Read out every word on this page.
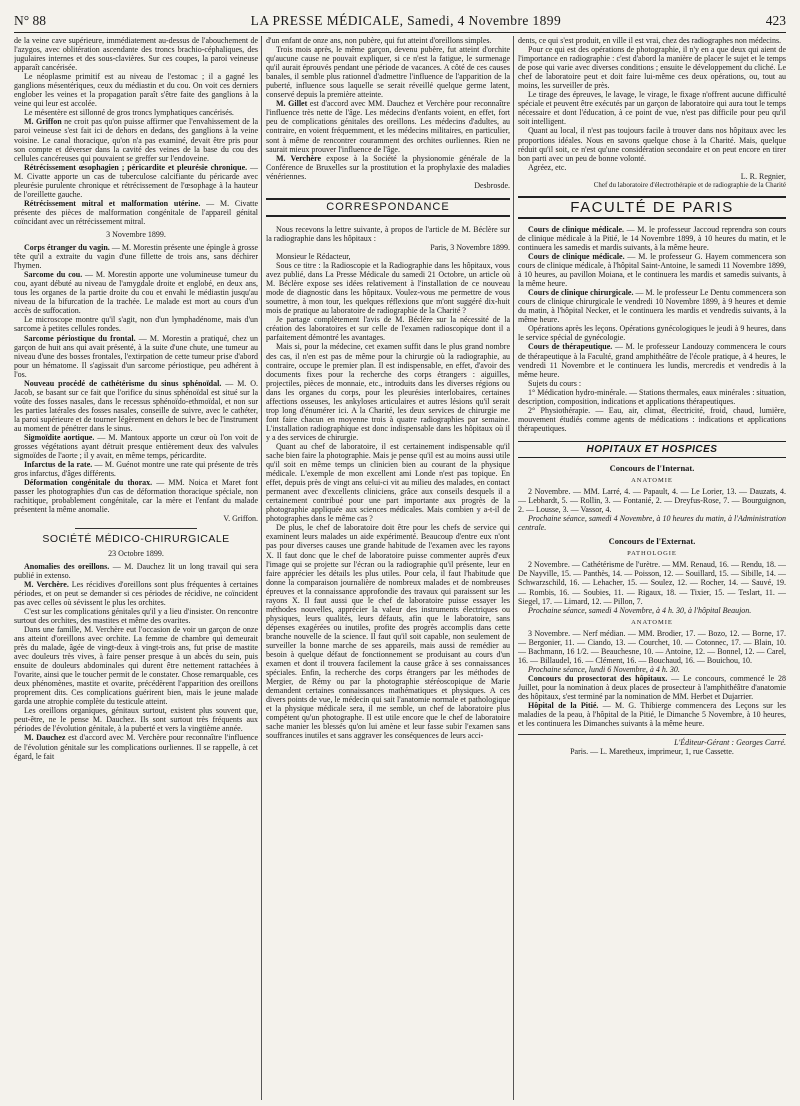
N° 88	LA PRESSE MÉDICALE, Samedi, 4 Novembre 1899	423

de la veine cave supérieure, immédiatement au-dessus de l'abouchement de l'azygos, avec oblitération ascendante des troncs brachio-céphaliques, des jugulaires internes et des sous-clavières. Sur ces coupes, la paroi veineuse apparaît cancérisée.

Le néoplasme primitif est au niveau de l'estomac ; il a gagné les ganglions mésentériques, ceux du médiastin et du cou. On voit ces derniers englober les veines et la propagation paraît s'être faite des ganglions à la veine qui leur est accolée.

Le mésentère est sillonné de gros troncs lymphatiques cancérisés.

M. Griffon ne croit pas qu'on puisse affirmer que l'envahissement de la paroi veineuse s'est fait ici de dehors en dedans, des ganglions à la veine voisine. Le canal thoracique, qu'on n'a pas examiné, devait être pris pour son compte et déverser dans la cavité des veines de la base du cou des cellules cancéreuses qui pouvaient se greffer sur l'endoveine.

Rétrécissement œsophagien ; péricardite et pleurésie chronique. — M. Civatte apporte un cas de tuberculose calcifiante du péricarde avec pleurésie purulente chronique et rétrécissement de l'œsophage à la hauteur de l'oreillette gauche.

Rétrécissement mitral et malformation utérine. — M. Civatte présente des pièces de malformation congénitale de l'appareil génital coïncidant avec un rétrécissement mitral.

3 Novembre 1899.

Corps étranger du vagin. — M. Morestin présente une épingle à grosse tête qu'il a extraite du vagin d'une fillette de trois ans, sans déchirer l'hymen.

Sarcome du cou. — M. Morestin apporte une volumineuse tumeur du cou, ayant débuté au niveau de l'amygdale droite et englobé, en deux ans, tous les organes de la partie droite du cou et envahi le médiastin jusqu'au niveau de la bifurcation de la trachée. Le malade est mort au cours d'un accès de suffocation.

Le microscope montre qu'il s'agit, non d'un lymphadénome, mais d'un sarcome à petites cellules rondes.

Sarcome périostique du frontal. — M. Morestin a pratiqué, chez un garçon de huit ans qui avait présenté, à la suite d'une chute, une tumeur au niveau d'une des bosses frontales, l'extirpation de cette tumeur prise d'abord pour un hématome. Il s'agissait d'un sarcome périostique, peu adhérent à l'os.

Nouveau procédé de cathétérisme du sinus sphénoïdal. — M. O. Jacob, se basant sur ce fait que l'orifice du sinus sphénoïdal est situé sur la voûte des fosses nasales, dans le recessus sphénoïdo-ethmoïdal, et non sur les parties latérales des fosses nasales, conseille de suivre, avec le cathéter, la paroi supérieure et de tourner légèrement en dehors le bec de l'instrument au moment de pénétrer dans le sinus.

Sigmoïdite aortique. — M. Mantoux apporte un cœur où l'on voit de grosses végétations ayant détruit presque entièrement deux des valvules sigmoïdes de l'aorte ; il y avait, en même temps, péricardite.

Infarctus de la rate. — M. Guénot montre une rate qui présente de très gros infarctus, d'âges différents.

Déformation congénitale du thorax. — MM. Noica et Maret font passer les photographies d'un cas de déformation thoracique spéciale, non rachitique, probablement congénitale, car la mère et l'enfant du malade présentent la même anomalie.

V. Griffon.

SOCIÉTÉ MÉDICO-CHIRURGICALE

23 Octobre 1899.

Anomalies des oreillons. — M. Dauchez lit un long travail qui sera publié in extenso.

M. Verchère. Les récidives d'oreillons sont plus fréquentes à certaines périodes, et on peut se demander si ces périodes de récidive, ne coïncident pas avec celles où sévissent le plus les orchites.

C'est sur les complications génitales qu'il y a lieu d'insister. On rencontre surtout des orchites, des mastites et même des ovarites.

Dans une famille, M. Verchère eut l'occasion de voir un garçon de onze ans atteint d'oreillons avec orchite. La femme de chambre qui demeurait près du malade, âgée de vingt-deux à vingt-trois ans, fut prise de mastite avec douleurs très vives, à faire penser presque à un abcès du sein, puis ensuite de douleurs abdominales qui durent être nettement rattachées à l'ovarite, ainsi que le toucher permit de le constater. Chose remarquable, ces deux phénomènes, mastite et ovarite, précédèrent l'apparition des oreillons proprement dits. Ces complications guérirent bien, mais le jeune malade garda une atrophie complète du testicule atteint.

Les oreillons organiques, génitaux surtout, existent plus souvent que, peut-être, ne le pense M. Dauchez. Ils sont surtout très fréquents aux périodes de l'évolution génitale, à la puberté et vers la vingtième année.

M. Dauchez est d'accord avec M. Verchère pour reconnaître l'influence de l'évolution génitale sur les complications ourliennes. Il se rappelle, à cet égard, le fait

d'un enfant de onze ans, non pubère, qui fut atteint d'oreillons simples.

Trois mois après, le même garçon, devenu pubère, fut atteint d'orchite qu'aucune cause ne pouvait expliquer, si ce n'est la fatigue, le surmenage qu'il aurait éprouvés pendant une période de vacances. A côté de ces causes banales, il semble plus rationnel d'admettre l'influence de l'apparition de la puberté, influence sous laquelle se serait réveillé quelque germe latent, conservé depuis la première atteinte.

M. Gillet est d'accord avec MM. Dauchez et Verchère pour reconnaître l'influence très nette de l'âge. Les médecins d'enfants voient, en effet, fort peu de complications génitales des oreillons. Les médecins d'adultes, au contraire, en voient fréquemment, et les médecins militaires, en particulier, sont à même de rencontrer couramment des orchites ourliennes. Rien ne saurait mieux prouver l'influence de l'âge.

M. Verchère expose à la Société la physionomie générale de la Conférence de Bruxelles sur la prostitution et la prophylaxie des maladies vénériennes.

Desbrosde.

CORRESPONDANCE

Nous recevons la lettre suivante, à propos de l'article de M. Béclère sur la radiographie dans les hôpitaux :

Paris, 3 Novembre 1899.

Monsieur le Rédacteur,

Sous ce titre : la Radioscopie et la Radiographie dans les hôpitaux, vous avez publié, dans La Presse Médicale du samedi 21 Octobre, un article où M. Béclère expose ses idées relativement à l'installation de ce nouveau mode de diagnostic dans les hôpitaux. Voulez-vous me permettre de vous soumettre, à mon tour, les quelques réflexions que m'ont suggéré dix-huit mois de pratique au laboratoire de radiographie de la Charité ?

Je partage complètement l'avis de M. Béclère sur la nécessité de la création des laboratoires et sur celle de l'examen radioscopique dont il a parfaitement démontré les avantages.

Mais si, pour la médecine, cet examen suffit dans le plus grand nombre des cas, il n'en est pas de même pour la chirurgie où la radiographie, au contraire, occupe le premier plan. Il est indispensable, en effet, d'avoir des documents fixes pour la recherche des corps étrangers : aiguilles, projectiles, pièces de monnaie, etc., introduits dans les diverses régions ou dans les organes du corps, pour les pleurésies interlobaires, certaines affections osseuses, les ankyloses articulaires et autres lésions qu'il serait trop long d'énumérer ici. A la Charité, les deux services de chirurgie me font faire chacun en moyenne trois à quatre radiographies par semaine. L'installation radiographique est donc indispensable dans les hôpitaux où il y a des services de chirurgie.

Quant au chef de laboratoire, il est certainement indispensable qu'il sache bien faire la photographie. Mais je pense qu'il est au moins aussi utile qu'il soit en même temps un clinicien bien au courant de la physique médicale. L'exemple de mon excellent ami Londe n'est pas topique. En effet, depuis près de vingt ans celui-ci vit au milieu des malades, en contact permanent avec d'excellents cliniciens, grâce aux conseils desquels il a certainement contribué pour une part importante aux progrès de la photographie appliquée aux sciences médicales. Mais combien y a-t-il de photographes dans le même cas ?

De plus, le chef de laboratoire doit être pour les chefs de service qui examinent leurs malades un aide expérimenté. Beaucoup d'entre eux n'ont pas pour diverses causes une grande habitude de l'examen avec les rayons X. Il faut donc que le chef de laboratoire puisse commenter auprès d'eux l'image qui se projette sur l'écran ou la radiographie qu'il présente, leur en faire apprécier les détails les plus utiles. Pour cela, il faut l'habitude que donne la comparaison journalière de nombreux malades et de nombreuses épreuves et la connaissance approfondie des travaux qui paraissent sur les rayons X. Il faut aussi que le chef de laboratoire puisse essayer les méthodes nouvelles, apprécier la valeur des instruments électriques ou physiques, leurs qualités, leurs défauts, afin que le laboratoire, sans dépenses exagérées ou inutiles, profite des progrès accomplis dans cette branche nouvelle de la science. Il faut qu'il soit capable, non seulement de surveiller la bonne marche de ses appareils, mais aussi de remédier au besoin à quelque défaut de fonctionnement se produisant au cours d'un examen et dont il trouvera facilement la cause grâce à ses connaissances spéciales. Enfin, la recherche des corps étrangers par les méthodes de Mergier, de Rémy ou par la photographie stéréoscopique de Marie demandent certaines connaissances mathématiques et physiques. A ces divers points de vue, le médecin qui sait l'anatomie normale et pathologique et la physique médicale sera, il me semble, un chef de laboratoire plus compétent qu'un photographe. Il est utile encore que le chef de laboratoire sache manier les blessés qu'on lui amène et leur fasse subir l'examen sans souffrances inutiles et sans aggraver les conséquences de leurs acci-

dents, ce qui s'est produit, en ville il est vrai, chez des radiographes non médecins.

Pour ce qui est des opérations de photographie, il n'y en a que deux qui aient de l'importance en radiographie : c'est d'abord la manière de placer le sujet et le temps de pose qui varie avec diverses conditions ; ensuite le développement du cliché. Le chef de laboratoire peut et doit faire lui-même ces deux opérations, ou, tout au moins, les surveiller de près.

Le tirage des épreuves, le lavage, le virage, le fixage n'offrent aucune difficulté spéciale et peuvent être exécutés par un garçon de laboratoire qui aura tout le temps nécessaire et dont l'éducation, à ce point de vue, n'est pas difficile pour peu qu'il soit intelligent.

Quant au local, il n'est pas toujours facile à trouver dans nos hôpitaux avec les proportions idéales. Nous en savons quelque chose à la Charité. Mais, quelque réduit qu'il soit, ce n'est qu'une considération secondaire et on peut encore en tirer bon parti avec un peu de bonne volonté.

Agréez, etc.

L. R. Regnier,

Chef du laboratoire d'électrothérapie et de radiographie de la Charité

FACULTÉ DE PARIS

Cours de clinique médicale. — M. le professeur Jaccoud reprendra son cours de clinique médicale à la Pitié, le 14 Novembre 1899, à 10 heures du matin, et le continuera les samedis et mardis suivants, à la même heure.

Cours de clinique médicale. — M. le professeur G. Hayem commencera son cours de clinique médicale, à l'hôpital Saint-Antoine, le samedi 11 Novembre 1899, à 10 heures, au pavillon Moiana, et le continuera les mardis et samedis suivants, à la même heure.

Cours de clinique chirurgicale. — M. le professeur Le Dentu commencera son cours de clinique chirurgicale le vendredi 10 Novembre 1899, à 9 heures et demie du matin, à l'hôpital Necker, et le continuera les mardis et vendredis suivants, à la même heure.

Opérations après les leçons. Opérations gynécologiques le jeudi à 9 heures, dans le service spécial de gynécologie.

Cours de thérapeutique. — M. le professeur Landouzy commencera le cours de thérapeutique à la Faculté, grand amphithéâtre de l'école pratique, à 4 heures, le vendredi 11 Novembre et le continuera les lundis, mercredis et vendredis à la même heure.

Sujets du cours :

1° Médication hydro-minérale. — Stations thermales, eaux minérales : situation, description, composition, indications et applications thérapeutiques.

2° Physiothérapie. — Eau, air, climat, électricité, froid, chaud, lumière, mouvement étudiés comme agents de médications : indications et applications thérapeutiques.

HOPITAUX ET HOSPICES
Concours de l'Internat.
ANATOMIE

2 Novembre. — MM. Larré, 4. — Papault, 4. — Le Lorier, 13. — Dauzats, 4. — Lebhardt, 5. — Rollin, 3. — Fontanié, 2. — Dreyfus-Rose, 7. — Bourguignon, 2. — Lousse, 3. — Vassor, 4.

Prochaine séance, samedi 4 Novembre, à 10 heures du matin, à l'Administration centrale.

Concours de l'Externat.
PATHOLOGIE

2 Novembre. — Cathétérisme de l'urètre. — MM. Renaud, 16. — Rendu, 18. — De Nayville, 15. — Panthès, 14. — Poisson, 12. — Souillard, 15. — Sibille, 14. — Schwarzschild, 16. — Lehacher, 15. — Soulez, 12. — Rocher, 14. — Sauvé, 19. — Rombis, 16. — Soubies, 11. — Rigaux, 18. — Tixier, 15. — Teslart, 11. — Siegel, 17. — Limard, 12. — Pillon, 7.

Prochaine séance, samedi 4 Novembre, à 4 h. 30, à l'hôpital Beaujon.

ANATOMIE

3 Novembre. — Nerf médian. — MM. Brodier, 17. — Bozo, 12. — Borne, 17. — Bergonier, 11. — Ciando, 13. — Courchet, 10. — Cotonnec, 17. — Blain, 10. — Bachmann, 16 1/2. — Beauchesne, 10. — Antoine, 12. — Bonnel, 12. — Carel, 16. — Billaudel, 16. — Clément, 16. — Bouchaud, 16. — Bouichou, 10.

Prochaine séance, lundi 6 Novembre, à 4 h. 30.

Concours du prosectorat des hôpitaux. — Le concours, commencé le 28 Juillet, pour la nomination à deux places de prosecteur à l'amphithéâtre d'anatomie des hôpitaux, s'est terminé par la nomination de MM. Herbet et Dujarrier.

Hôpital de la Pitié. — M. G. Thibierge commencera des Leçons sur les maladies de la peau, à l'hôpital de la Pitié, le Dimanche 5 Novembre, à 10 heures, et les continuera les Dimanches suivants à la même heure.

L'Éditeur-Gérant : Georges Carré.

Paris. — L. Maretheux, imprimeur, 1, rue Cassette.
